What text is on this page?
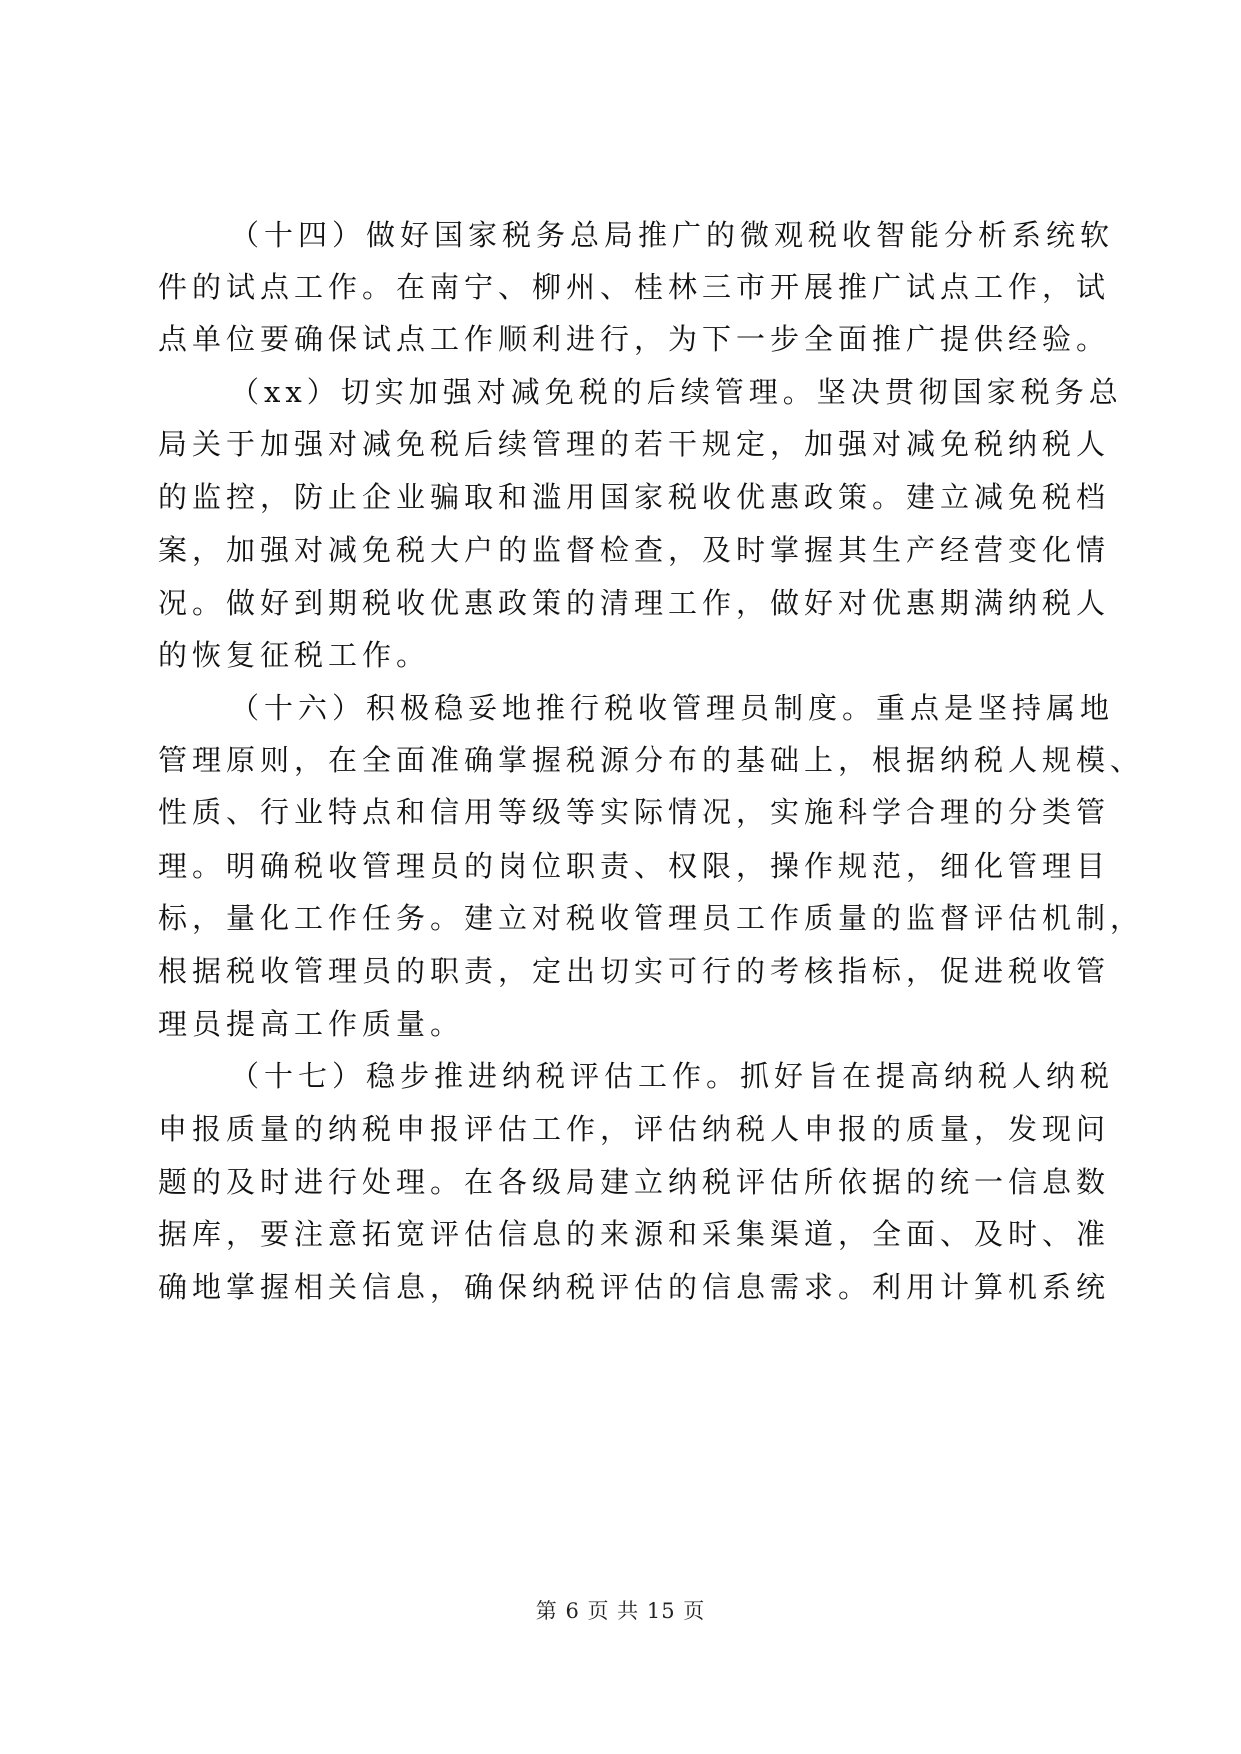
（十四）做好国家税务总局推广的微观税收智能分析系统软
件的试点工作。在南宁、柳州、桂林三市开展推广试点工作，试
点单位要确保试点工作顺利进行，为下一步全面推广提供经验。
（xx）切实加强对减免税的后续管理。坚决贯彻国家税务总
局关于加强对减免税后续管理的若干规定，加强对减免税纳税人
的监控，防止企业骗取和滥用国家税收优惠政策。建立减免税档
案，加强对减免税大户的监督检查，及时掌握其生产经营变化情
况。做好到期税收优惠政策的清理工作，做好对优惠期满纳税人
的恢复征税工作。
（十六）积极稳妥地推行税收管理员制度。重点是坚持属地
管理原则，在全面准确掌握税源分布的基础上，根据纳税人规模、
性质、行业特点和信用等级等实际情况，实施科学合理的分类管
理。明确税收管理员的岗位职责、权限，操作规范，细化管理目
标，量化工作任务。建立对税收管理员工作质量的监督评估机制，
根据税收管理员的职责，定出切实可行的考核指标，促进税收管
理员提高工作质量。
（十七）稳步推进纳税评估工作。抓好旨在提高纳税人纳税
申报质量的纳税申报评估工作，评估纳税人申报的质量，发现问
题的及时进行处理。在各级局建立纳税评估所依据的统一信息数
据库，要注意拓宽评估信息的来源和采集渠道，全面、及时、准
确地掌握相关信息，确保纳税评估的信息需求。利用计算机系统
第 6 页 共 15 页
